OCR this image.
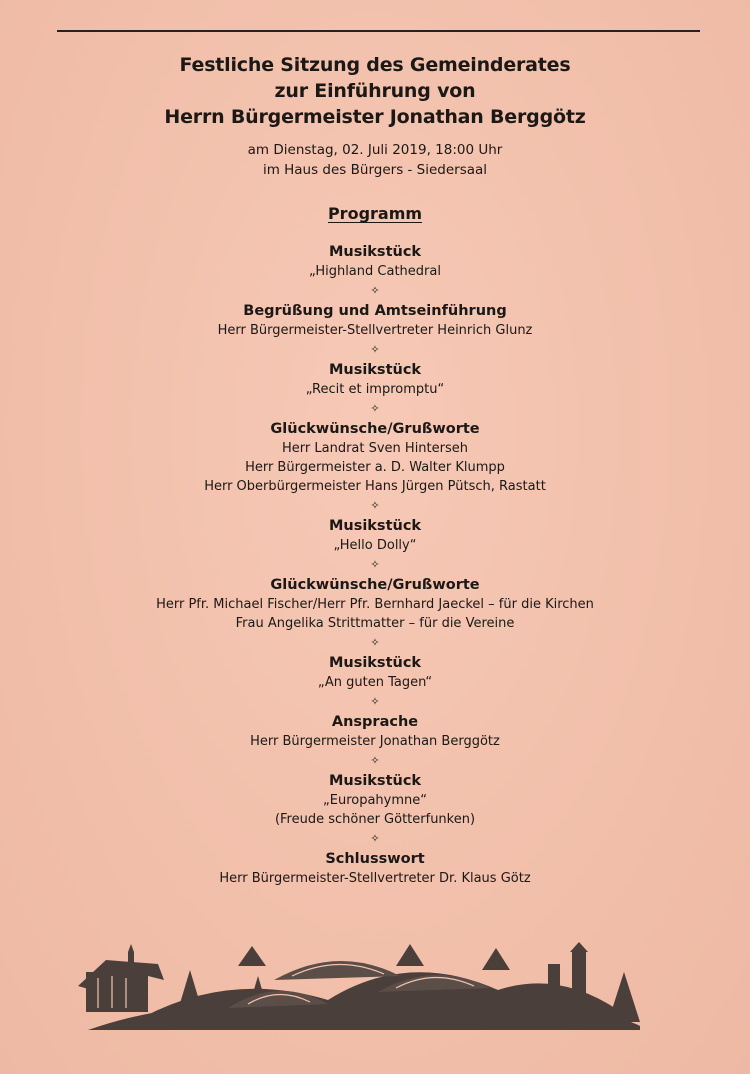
Festliche Sitzung des Gemeinderates
zur Einführung von
Herrn Bürgermeister Jonathan Berggötz
am Dienstag, 02. Juli 2019, 18:00 Uhr
im Haus des Bürgers - Siedersaal
Programm
Musikstück
„Highland Cathedral
✧
Begrüßung und Amtseinführung
Herr Bürgermeister-Stellvertreter Heinrich Glunz
✧
Musikstück
„Recit et impromptu“
✧
Glückwünsche/Grußworte
Herr Landrat Sven Hinterseh
Herr Bürgermeister a. D. Walter Klumpp
Herr Oberbürgermeister Hans Jürgen Pütsch, Rastatt
✧
Musikstück
„Hello Dolly“
✧
Glückwünsche/Grußworte
Herr Pfr. Michael Fischer/Herr Pfr. Bernhard Jaeckel – für die Kirchen
Frau Angelika Strittmatter – für die Vereine
✧
Musikstück
„An guten Tagen“
✧
Ansprache
Herr Bürgermeister Jonathan Berggötz
✧
Musikstück
„Europahymne“
(Freude schöner Götterfunken)
✧
Schlusswort
Herr Bürgermeister-Stellvertreter Dr. Klaus Götz
